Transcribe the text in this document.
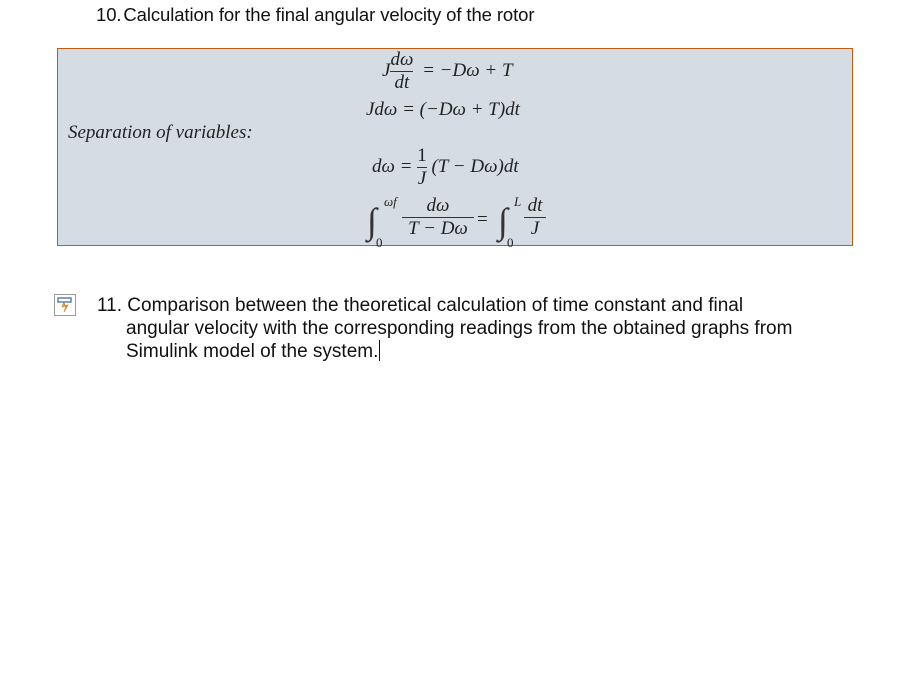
10. Calculation for the final angular velocity of the rotor
J $\frac{d\omega}{dt} = -D\omega + T$
Jdω = (−Dω + T)dt
Separation of variables:
$d\omega = \frac{1}{J} (T - D\omega)dt$
∫ ωf
0
$\frac{d\omega}{T - D\omega}$ = ∫ L
0
$\frac{dt}{J}$
11. Comparison between the theoretical calculation of time constant and final
angular velocity with the corresponding readings from the obtained graphs from
Simulink model of the system.
